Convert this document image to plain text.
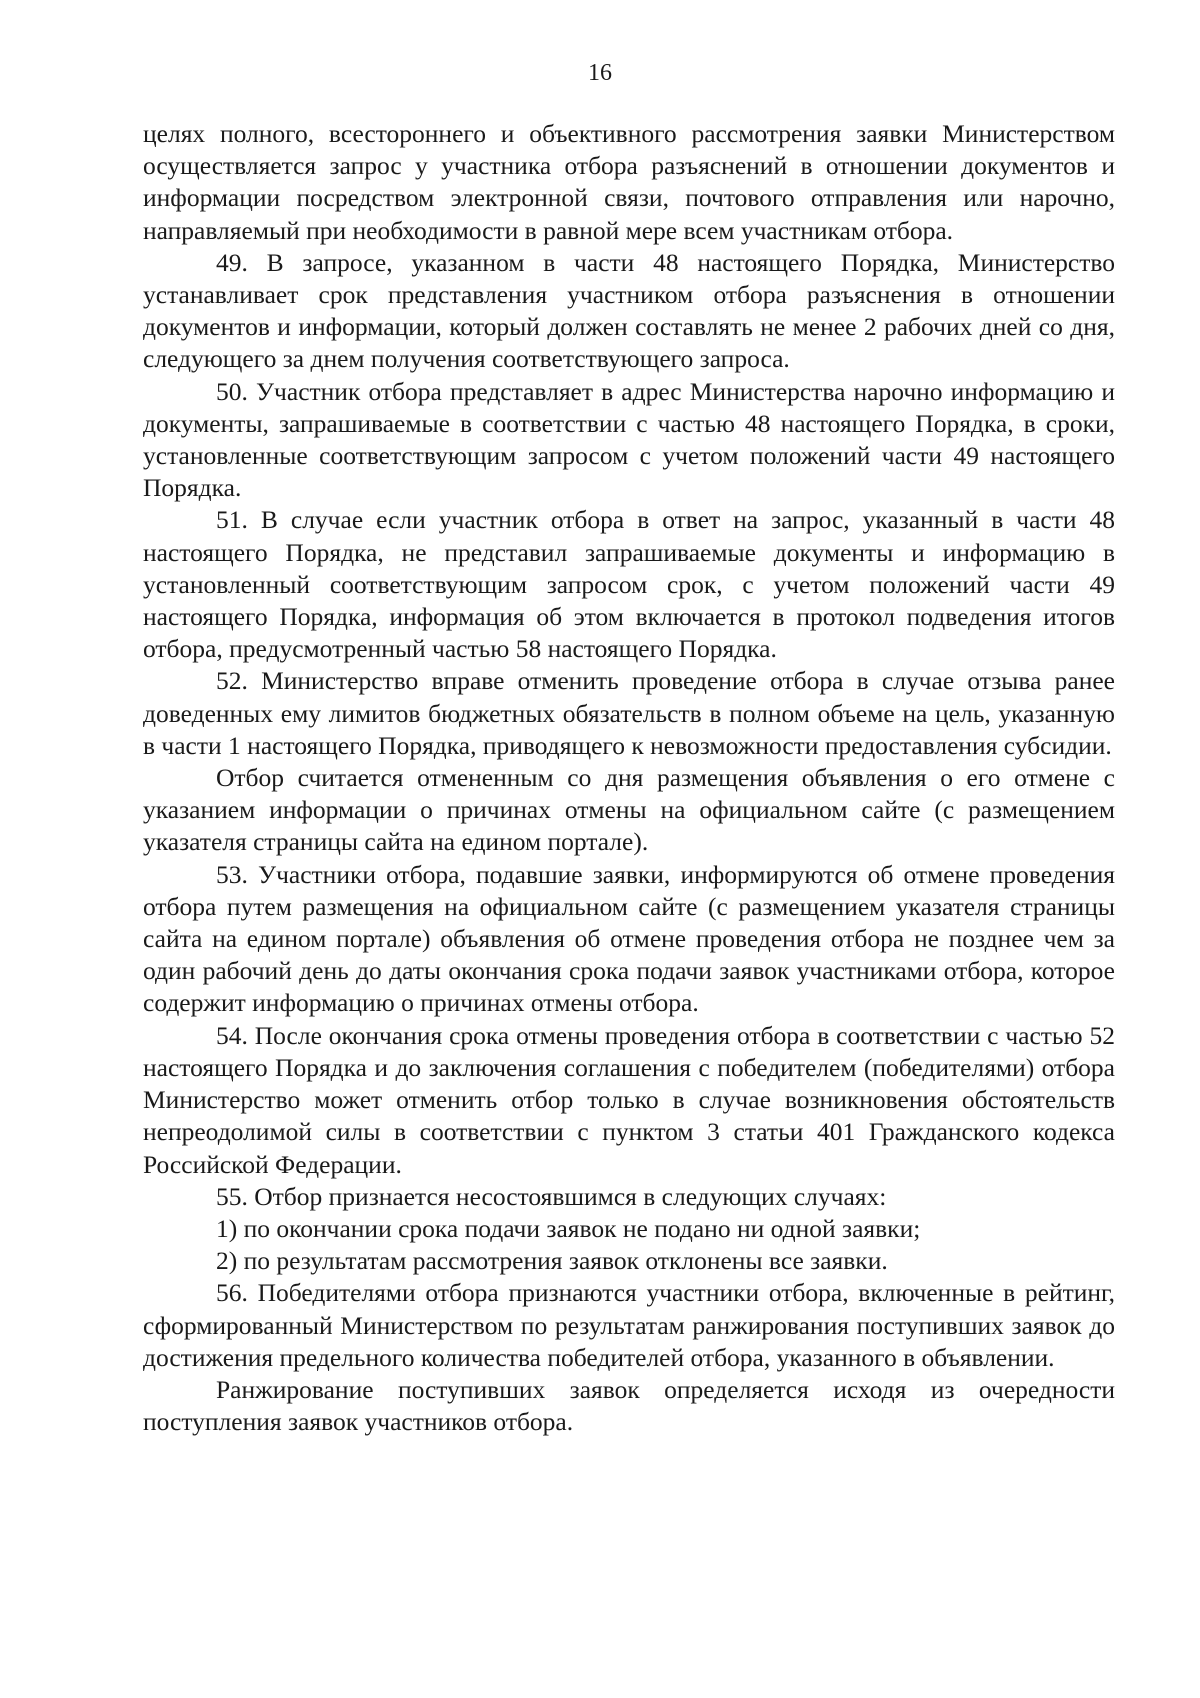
16

целях полного, всестороннего и объективного рассмотрения заявки Министерством осуществляется запрос у участника отбора разъяснений в отношении документов и информации посредством электронной связи, почтового отправления или нарочно, направляемый при необходимости в равной мере всем участникам отбора.

49. В запросе, указанном в части 48 настоящего Порядка, Министерство устанавливает срок представления участником отбора разъяснения в отношении документов и информации, который должен составлять не менее 2 рабочих дней со дня, следующего за днем получения соответствующего запроса.

50. Участник отбора представляет в адрес Министерства нарочно информацию и документы, запрашиваемые в соответствии с частью 48 настоящего Порядка, в сроки, установленные соответствующим запросом с учетом положений части 49 настоящего Порядка.

51. В случае если участник отбора в ответ на запрос, указанный в части 48 настоящего Порядка, не представил запрашиваемые документы и информацию в установленный соответствующим запросом срок, с учетом положений части 49 настоящего Порядка, информация об этом включается в протокол подведения итогов отбора, предусмотренный частью 58 настоящего Порядка.

52. Министерство вправе отменить проведение отбора в случае отзыва ранее доведенных ему лимитов бюджетных обязательств в полном объеме на цель, указанную в части 1 настоящего Порядка, приводящего к невозможности предоставления субсидии.

Отбор считается отмененным со дня размещения объявления о его отмене с указанием информации о причинах отмены на официальном сайте (с размещением указателя страницы сайта на едином портале).

53. Участники отбора, подавшие заявки, информируются об отмене проведения отбора путем размещения на официальном сайте (с размещением указателя страницы сайта на едином портале) объявления об отмене проведения отбора не позднее чем за один рабочий день до даты окончания срока подачи заявок участниками отбора, которое содержит информацию о причинах отмены отбора.

54. После окончания срока отмены проведения отбора в соответствии с частью 52 настоящего Порядка и до заключения соглашения с победителем (победителями) отбора Министерство может отменить отбор только в случае возникновения обстоятельств непреодолимой силы в соответствии с пунктом 3 статьи 401 Гражданского кодекса Российской Федерации.

55. Отбор признается несостоявшимся в следующих случаях:

1) по окончании срока подачи заявок не подано ни одной заявки;

2) по результатам рассмотрения заявок отклонены все заявки.

56. Победителями отбора признаются участники отбора, включенные в рейтинг, сформированный Министерством по результатам ранжирования поступивших заявок до достижения предельного количества победителей отбора, указанного в объявлении.

Ранжирование поступивших заявок определяется исходя из очередности поступления заявок участников отбора.
